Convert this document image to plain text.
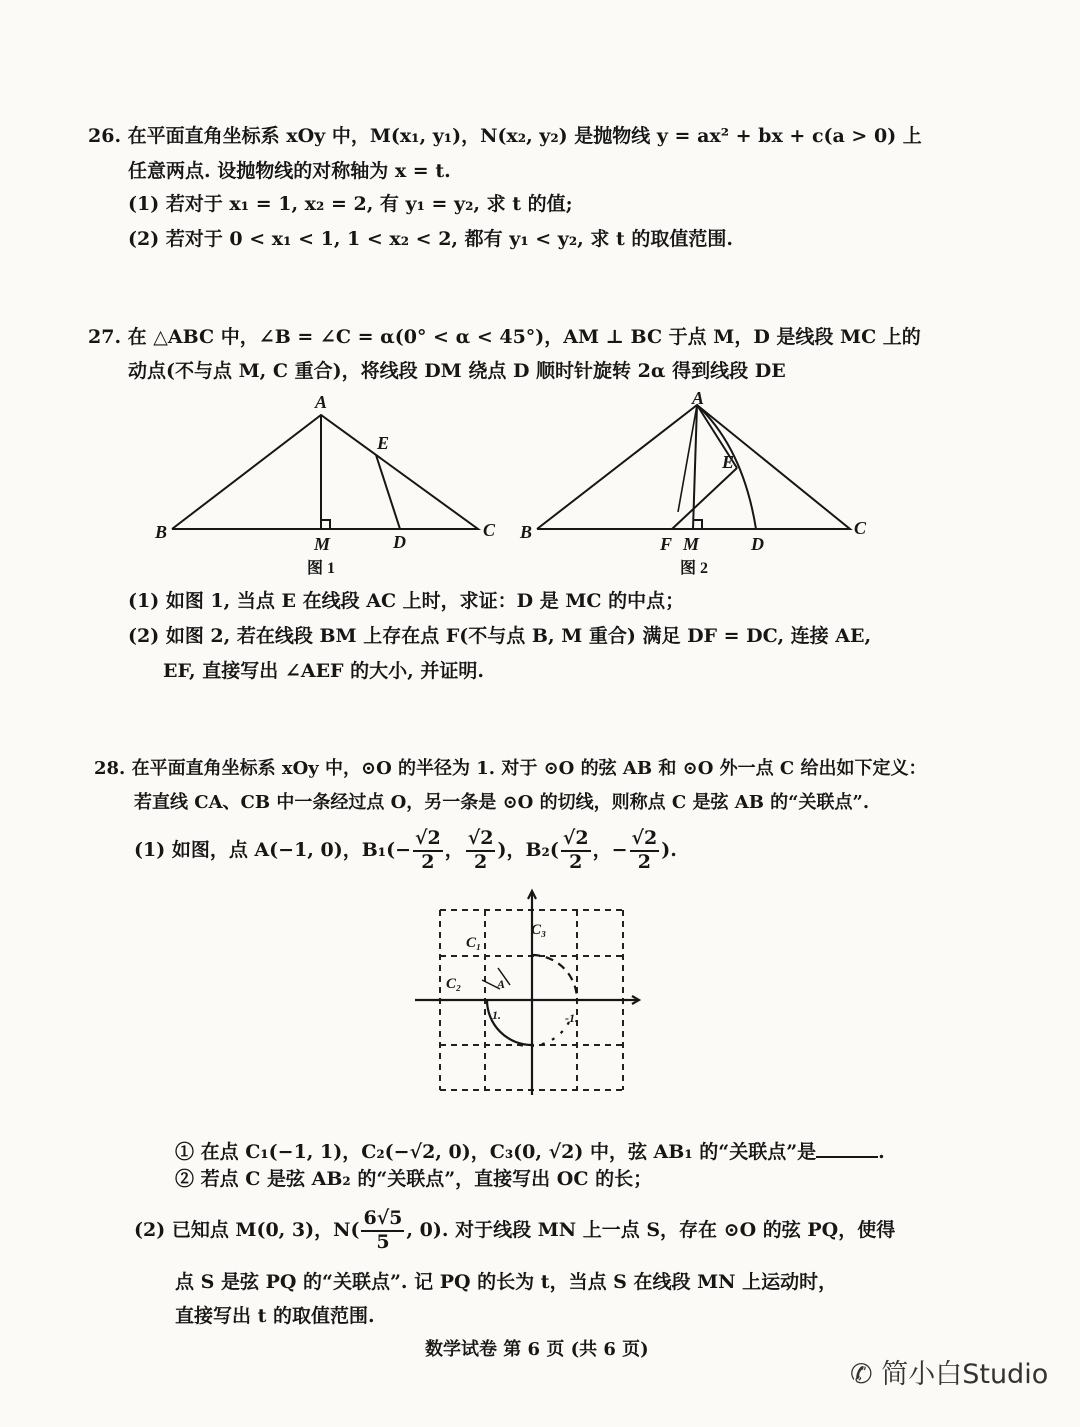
26. 在平面直角坐标系 xOy 中，M(x₁, y₁)，N(x₂, y₂) 是抛物线 y = ax² + bx + c(a > 0) 上
任意两点. 设抛物线的对称轴为 x = t.
(1) 若对于 x₁ = 1, x₂ = 2, 有 y₁ = y₂, 求 t 的值;
(2) 若对于 0 < x₁ < 1, 1 < x₂ < 2, 都有 y₁ < y₂, 求 t 的取值范围.
27. 在 △ABC 中，∠B = ∠C = α(0° < α < 45°)，AM ⊥ BC 于点 M，D 是线段 MC 上的
动点(不与点 M, C 重合)，将线段 DM 绕点 D 顺时针旋转 2α 得到线段 DE
A
B	C
M	D
E
图 1
A
B	C
M
F	D
E
图 2
(1) 如图 1, 当点 E 在线段 AC 上时，求证：D 是 MC 的中点；
(2) 如图 2, 若在线段 BM 上存在点 F(不与点 B, M 重合) 满足 DF = DC, 连接 AE,
EF, 直接写出 ∠AEF 的大小, 并证明.
28. 在平面直角坐标系 xOy 中，⊙O 的半径为 1. 对于 ⊙O 的弦 AB 和 ⊙O 外一点 C 给出如下定义：
若直线 CA、CB 中一条经过点 O，另一条是 ⊙O 的切线，则称点 C 是弦 AB 的“关联点”.
(1) 如图，点 A(−1, 0)，$B_1(- \frac{√2}{2}$ ， $\frac{√2}{2}$ )，$B_2( \frac{√2}{2}$ ，− $\frac{√2}{2}$ ).
C₁
C₂
C₃
1.
A
-1.
① 在点 C₁(−1, 1)，C₂(−√2, 0)，C₃(0, √2) 中，弦 AB₁ 的“关联点”是	.
② 若点 C 是弦 AB₂ 的“关联点”，直接写出 OC 的长；
(2) 已知点 M(0, 3)，$N( \frac{6√5}{5}$ , 0). 对于线段 MN 上一点 S，存在 ⊙O 的弦 PQ，使得
点 S 是弦 PQ 的“关联点”. 记 PQ 的长为 t，当点 S 在线段 MN 上运动时，
直接写出 t 的取值范围.
数学试卷 第 6 页 (共 6 页)
✆ 简小白Studio
